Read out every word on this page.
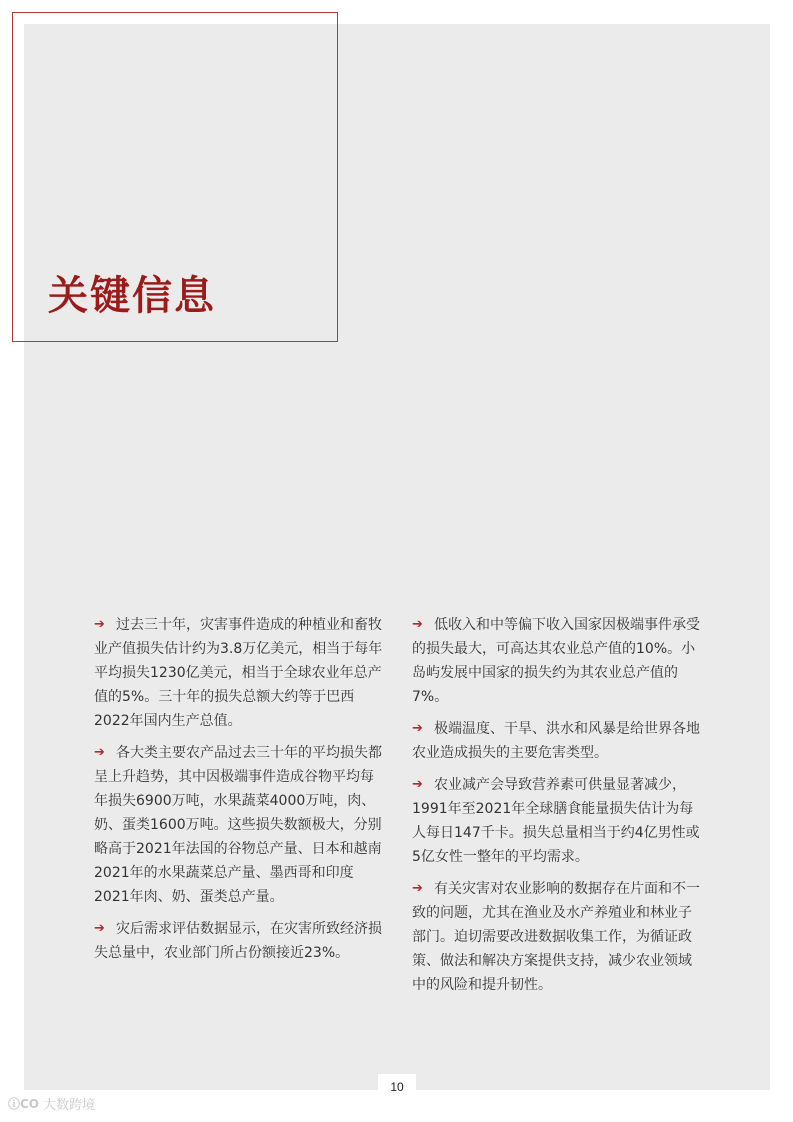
关键信息

➔ 过去三十年，灾害事件造成的种植业和畜牧业产值损失估计约为3.8万亿美元，相当于每年平均损失1230亿美元，相当于全球农业年总产值的5%。三十年的损失总额大约等于巴西2022年国内生产总值。

➔ 各大类主要农产品过去三十年的平均损失都呈上升趋势，其中因极端事件造成谷物平均每年损失6900万吨，水果蔬菜4000万吨，肉、奶、蛋类1600万吨。这些损失数额极大，分别略高于2021年法国的谷物总产量、日本和越南2021年的水果蔬菜总产量、墨西哥和印度2021年肉、奶、蛋类总产量。

➔ 灾后需求评估数据显示，在灾害所致经济损失总量中，农业部门所占份额接近23%。

➔ 低收入和中等偏下收入国家因极端事件承受的损失最大，可高达其农业总产值的10%。小岛屿发展中国家的损失约为其农业总产值的7%。

➔ 极端温度、干旱、洪水和风暴是给世界各地农业造成损失的主要危害类型。

➔ 农业减产会导致营养素可供量显著减少，1991年至2021年全球膳食能量损失估计为每人每日147千卡。损失总量相当于约4亿男性或5亿女性一整年的平均需求。

➔ 有关灾害对农业影响的数据存在片面和不一致的问题，尤其在渔业及水产养殖业和林业子部门。迫切需要改进数据收集工作，为循证政策、做法和解决方案提供支持，减少农业领域中的风险和提升韧性。

10
ⓘCO 大数跨境
